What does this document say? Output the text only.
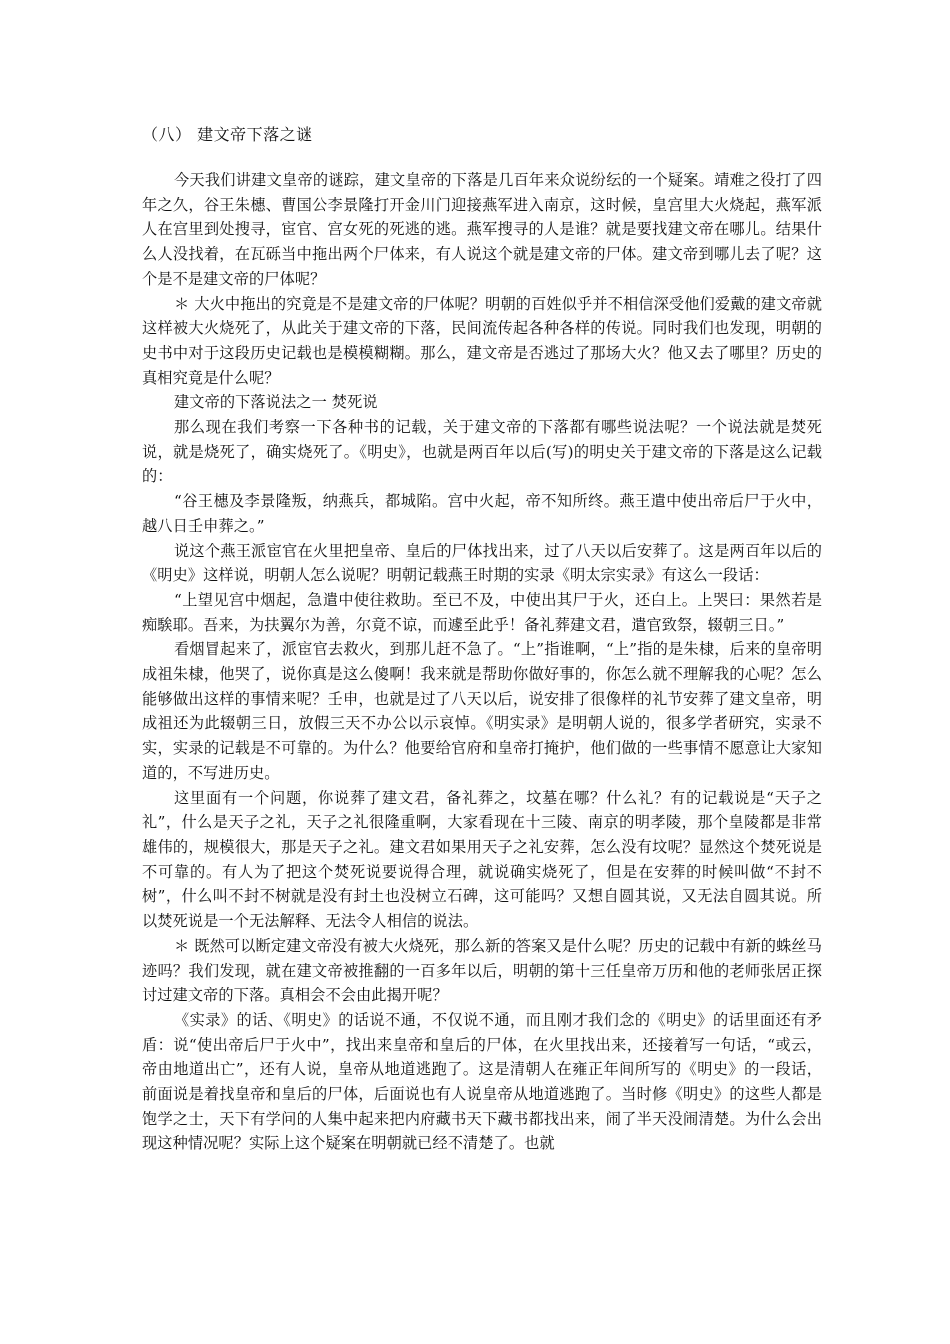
（八） 建文帝下落之谜

今天我们讲建文皇帝的谜踪，建文皇帝的下落是几百年来众说纷纭的一个疑案。靖难之役打了四年之久，谷王朱橞、曹国公李景隆打开金川门迎接燕军进入南京，这时候，皇宫里大火烧起，燕军派人在宫里到处搜寻，宦官、宫女死的死逃的逃。燕军搜寻的人是谁？就是要找建文帝在哪儿。结果什么人没找着，在瓦砾当中拖出两个尸体来，有人说这个就是建文帝的尸体。建文帝到哪儿去了呢？这个是不是建文帝的尸体呢？

＊ 大火中拖出的究竟是不是建文帝的尸体呢？明朝的百姓似乎并不相信深受他们爱戴的建文帝就这样被大火烧死了，从此关于建文帝的下落，民间流传起各种各样的传说。同时我们也发现，明朝的史书中对于这段历史记载也是模模糊糊。那么，建文帝是否逃过了那场大火？他又去了哪里？历史的真相究竟是什么呢？

建文帝的下落说法之一 焚死说

那么现在我们考察一下各种书的记载，关于建文帝的下落都有哪些说法呢？一个说法就是焚死说，就是烧死了，确实烧死了。《明史》，也就是两百年以后(写)的明史关于建文帝的下落是这么记载的：

“谷王橞及李景隆叛，纳燕兵，都城陷。宫中火起，帝不知所终。燕王遣中使出帝后尸于火中，越八日壬申葬之。”

说这个燕王派宦官在火里把皇帝、皇后的尸体找出来，过了八天以后安葬了。这是两百年以后的《明史》这样说，明朝人怎么说呢？明朝记载燕王时期的实录《明太宗实录》有这么一段话：

“上望见宫中烟起，急遣中使往救助。至已不及，中使出其尸于火，还白上。上哭曰：果然若是痴騃耶。吾来，为扶翼尔为善，尔竟不谅，而遽至此乎！备礼葬建文君，遣官致祭，辍朝三日。”

看烟冒起来了，派宦官去救火，到那儿赶不急了。“上”指谁啊，“上”指的是朱棣，后来的皇帝明成祖朱棣，他哭了，说你真是这么傻啊！我来就是帮助你做好事的，你怎么就不理解我的心呢？怎么能够做出这样的事情来呢？壬申，也就是过了八天以后，说安排了很像样的礼节安葬了建文皇帝，明成祖还为此辍朝三日，放假三天不办公以示哀悼。《明实录》是明朝人说的，很多学者研究，实录不实，实录的记载是不可靠的。为什么？他要给官府和皇帝打掩护，他们做的一些事情不愿意让大家知道的，不写进历史。

这里面有一个问题，你说葬了建文君，备礼葬之，坟墓在哪？什么礼？有的记载说是“天子之礼”，什么是天子之礼，天子之礼很隆重啊，大家看现在十三陵、南京的明孝陵，那个皇陵都是非常雄伟的，规模很大，那是天子之礼。建文君如果用天子之礼安葬，怎么没有坟呢？显然这个焚死说是不可靠的。有人为了把这个焚死说要说得合理，就说确实烧死了，但是在安葬的时候叫做“不封不树”，什么叫不封不树就是没有封土也没树立石碑，这可能吗？又想自圆其说，又无法自圆其说。所以焚死说是一个无法解释、无法令人相信的说法。

＊ 既然可以断定建文帝没有被大火烧死，那么新的答案又是什么呢？历史的记载中有新的蛛丝马迹吗？我们发现，就在建文帝被推翻的一百多年以后，明朝的第十三任皇帝万历和他的老师张居正探讨过建文帝的下落。真相会不会由此揭开呢？

《实录》的话、《明史》的话说不通，不仅说不通，而且刚才我们念的《明史》的话里面还有矛盾：说“使出帝后尸于火中”，找出来皇帝和皇后的尸体，在火里找出来，还接着写一句话，“或云，帝由地道出亡”，还有人说，皇帝从地道逃跑了。这是清朝人在雍正年间所写的《明史》的一段话，前面说是着找皇帝和皇后的尸体，后面说也有人说皇帝从地道逃跑了。当时修《明史》的这些人都是饱学之士，天下有学问的人集中起来把内府藏书天下藏书都找出来，闹了半天没闹清楚。为什么会出现这种情况呢？实际上这个疑案在明朝就已经不清楚了。也就
